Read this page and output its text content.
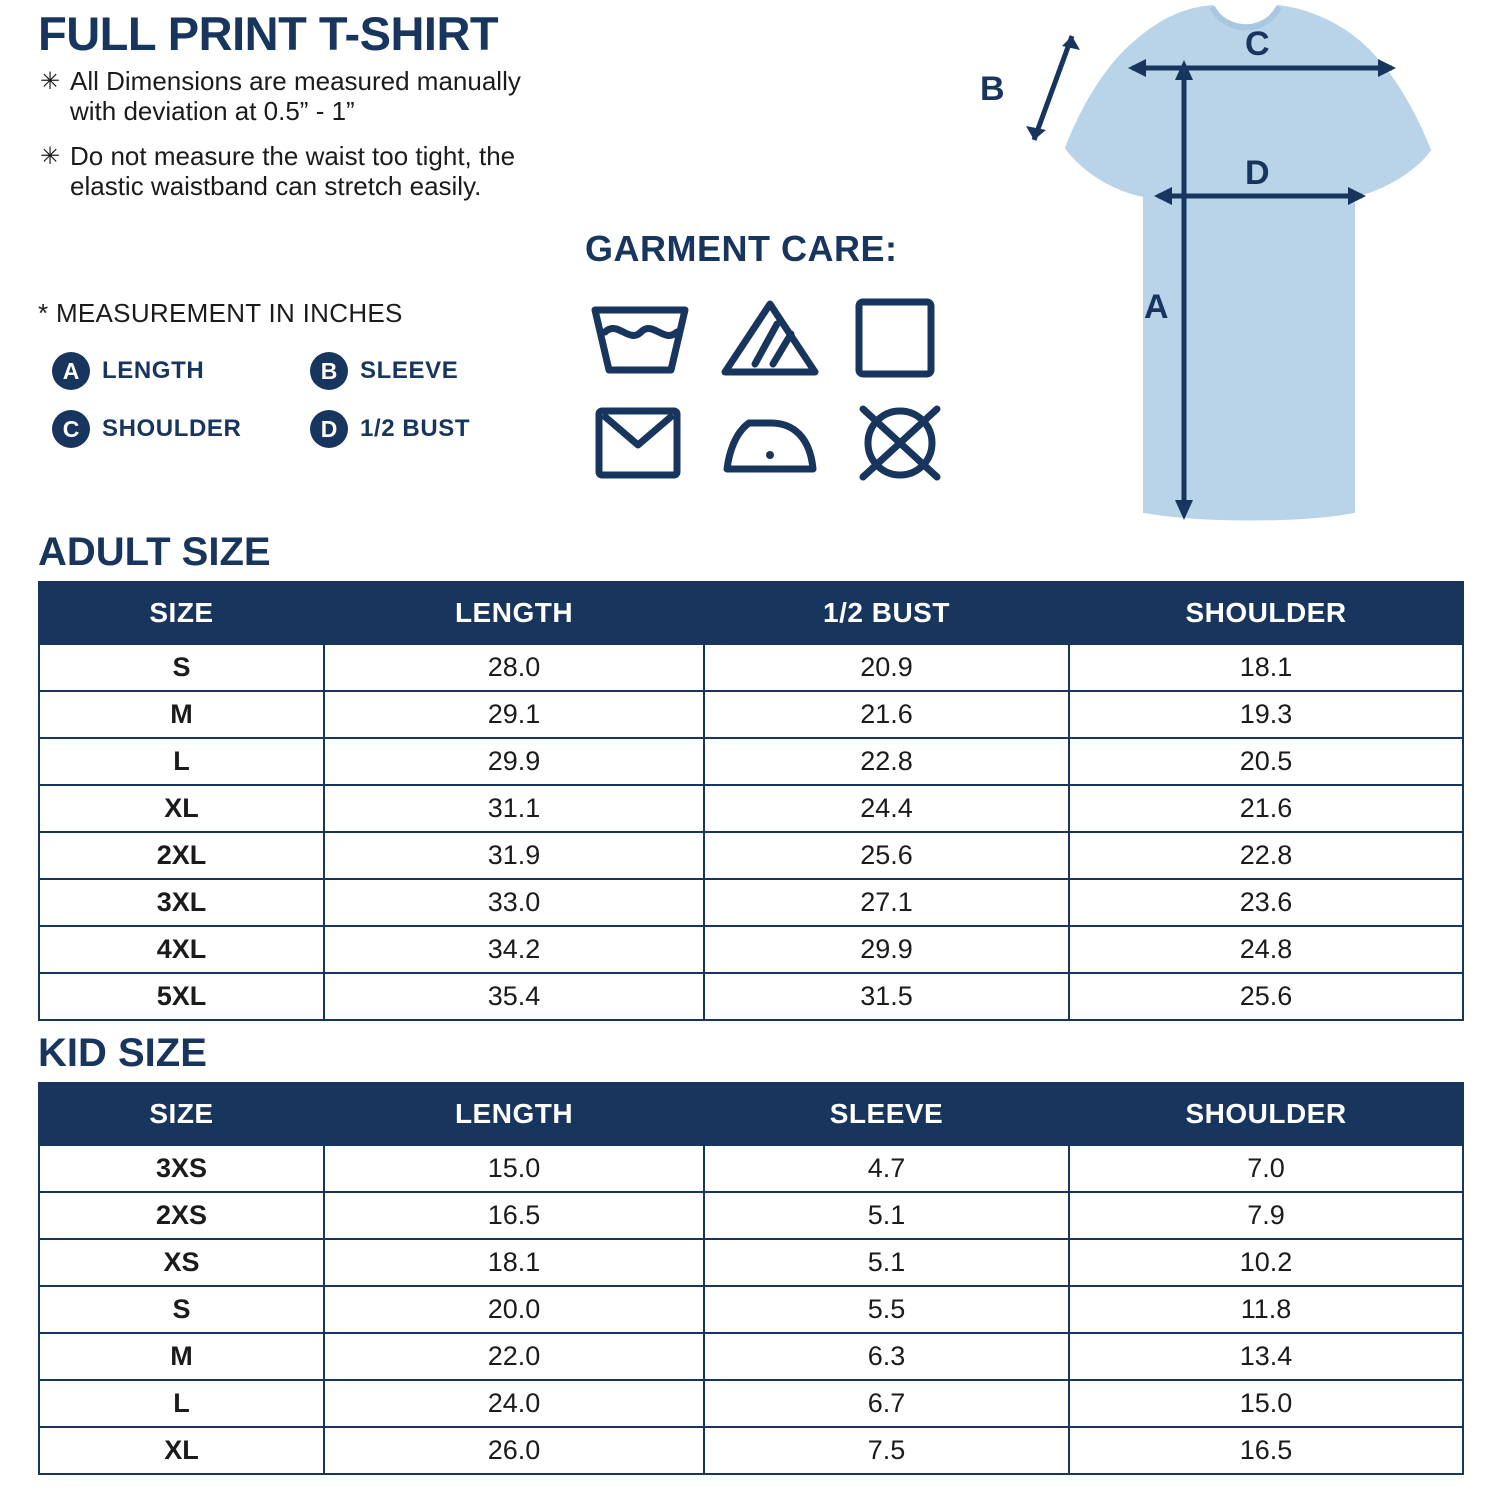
FULL PRINT T-SHIRT
✳ All Dimensions are measured manually with deviation at 0.5” - 1”
✳ Do not measure the waist too tight, the elastic waistband can stretch easily.
* MEASUREMENT IN INCHES
A LENGTH	B SLEEVE
C SHOULDER	D 1/2 BUST
GARMENT CARE:
B
C
D
A
ADULT SIZE
SIZE	LENGTH	1/2 BUST	SHOULDER
S	28.0	20.9	18.1
M	29.1	21.6	19.3
L	29.9	22.8	20.5
XL	31.1	24.4	21.6
2XL	31.9	25.6	22.8
3XL	33.0	27.1	23.6
4XL	34.2	29.9	24.8
5XL	35.4	31.5	25.6
KID SIZE
SIZE	LENGTH	SLEEVE	SHOULDER
3XS	15.0	4.7	7.0
2XS	16.5	5.1	7.9
XS	18.1	5.1	10.2
S	20.0	5.5	11.8
M	22.0	6.3	13.4
L	24.0	6.7	15.0
XL	26.0	7.5	16.5
